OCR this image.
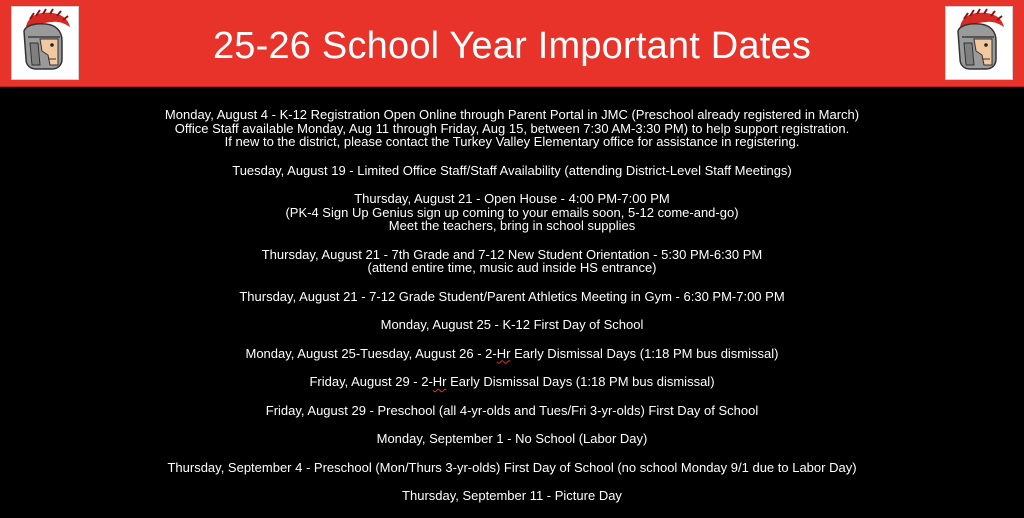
25-26 School Year Important Dates
Monday, August 4 - K-12 Registration Open Online through Parent Portal in JMC (Preschool already registered in March)
Office Staff available Monday, Aug 11 through Friday, Aug 15, between 7:30 AM-3:30 PM) to help support registration.
If new to the district, please contact the Turkey Valley Elementary office for assistance in registering.
Tuesday, August 19 - Limited Office Staff/Staff Availability (attending District-Level Staff Meetings)
Thursday, August 21 - Open House - 4:00 PM-7:00 PM
(PK-4 Sign Up Genius sign up coming to your emails soon, 5-12 come-and-go)
Meet the teachers, bring in school supplies
Thursday, August 21 - 7th Grade and 7-12 New Student Orientation - 5:30 PM-6:30 PM
(attend entire time, music aud inside HS entrance)
Thursday, August 21 - 7-12 Grade Student/Parent Athletics Meeting in Gym - 6:30 PM-7:00 PM
Monday, August 25 - K-12 First Day of School
Monday, August 25-Tuesday, August 26 - 2-Hr Early Dismissal Days (1:18 PM bus dismissal)
Friday, August 29 - 2-Hr Early Dismissal Days (1:18 PM bus dismissal)
Friday, August 29 - Preschool (all 4-yr-olds and Tues/Fri 3-yr-olds) First Day of School
Monday, September 1 - No School (Labor Day)
Thursday, September 4 - Preschool (Mon/Thurs 3-yr-olds) First Day of School (no school Monday 9/1 due to Labor Day)
Thursday, September 11 - Picture Day
